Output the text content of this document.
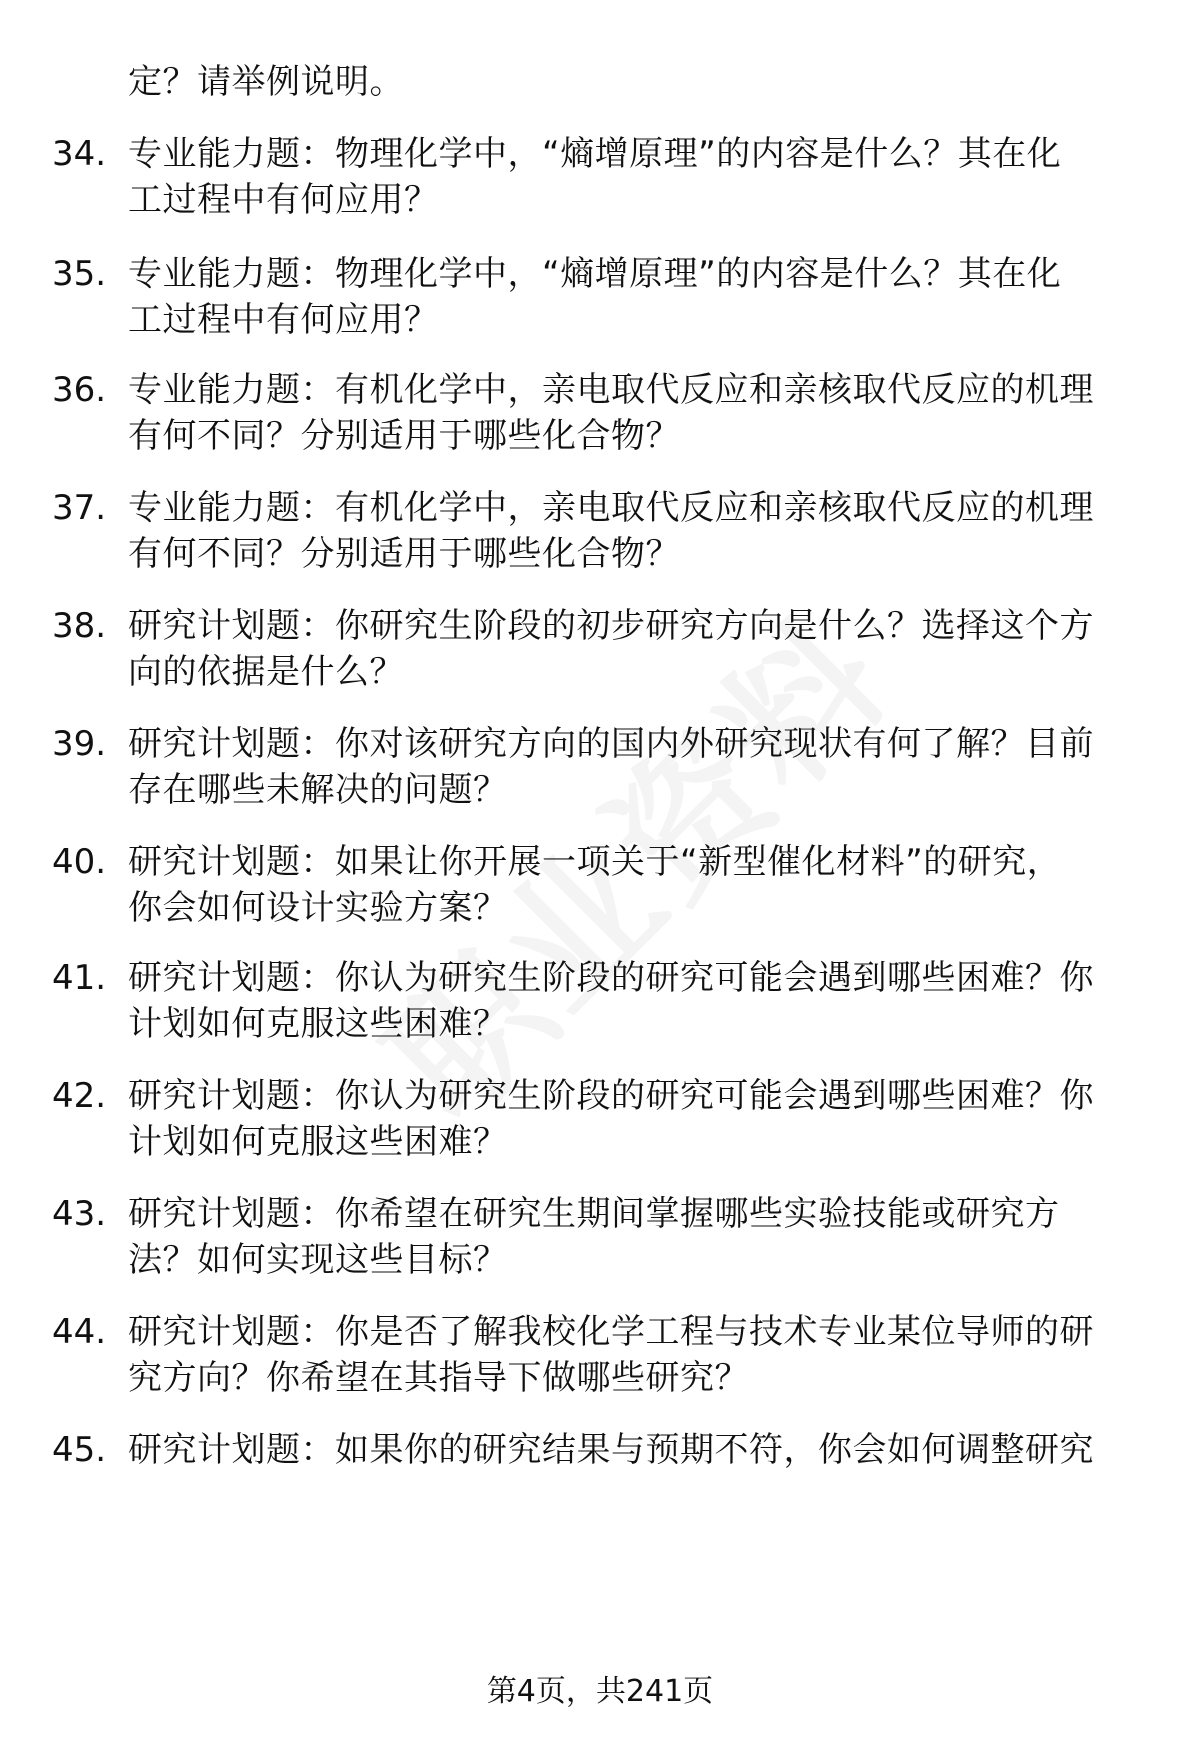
定？请举例说明。
34. 专业能力题：物理化学中，“熵增原理”的内容是什么？其在化
工过程中有何应用？
35. 专业能力题：物理化学中，“熵增原理”的内容是什么？其在化
工过程中有何应用？
36. 专业能力题：有机化学中，亲电取代反应和亲核取代反应的机理
有何不同？分别适用于哪些化合物？
37. 专业能力题：有机化学中，亲电取代反应和亲核取代反应的机理
有何不同？分别适用于哪些化合物？
38. 研究计划题：你研究生阶段的初步研究方向是什么？选择这个方
向的依据是什么？
39. 研究计划题：你对该研究方向的国内外研究现状有何了解？目前
存在哪些未解决的问题？
40. 研究计划题：如果让你开展一项关于“新型催化材料”的研究，
你会如何设计实验方案？
41. 研究计划题：你认为研究生阶段的研究可能会遇到哪些困难？你
计划如何克服这些困难？
42. 研究计划题：你认为研究生阶段的研究可能会遇到哪些困难？你
计划如何克服这些困难？
43. 研究计划题：你希望在研究生期间掌握哪些实验技能或研究方
法？如何实现这些目标？
44. 研究计划题：你是否了解我校化学工程与技术专业某位导师的研
究方向？你希望在其指导下做哪些研究？
45. 研究计划题：如果你的研究结果与预期不符，你会如何调整研究
第4页，共241页
